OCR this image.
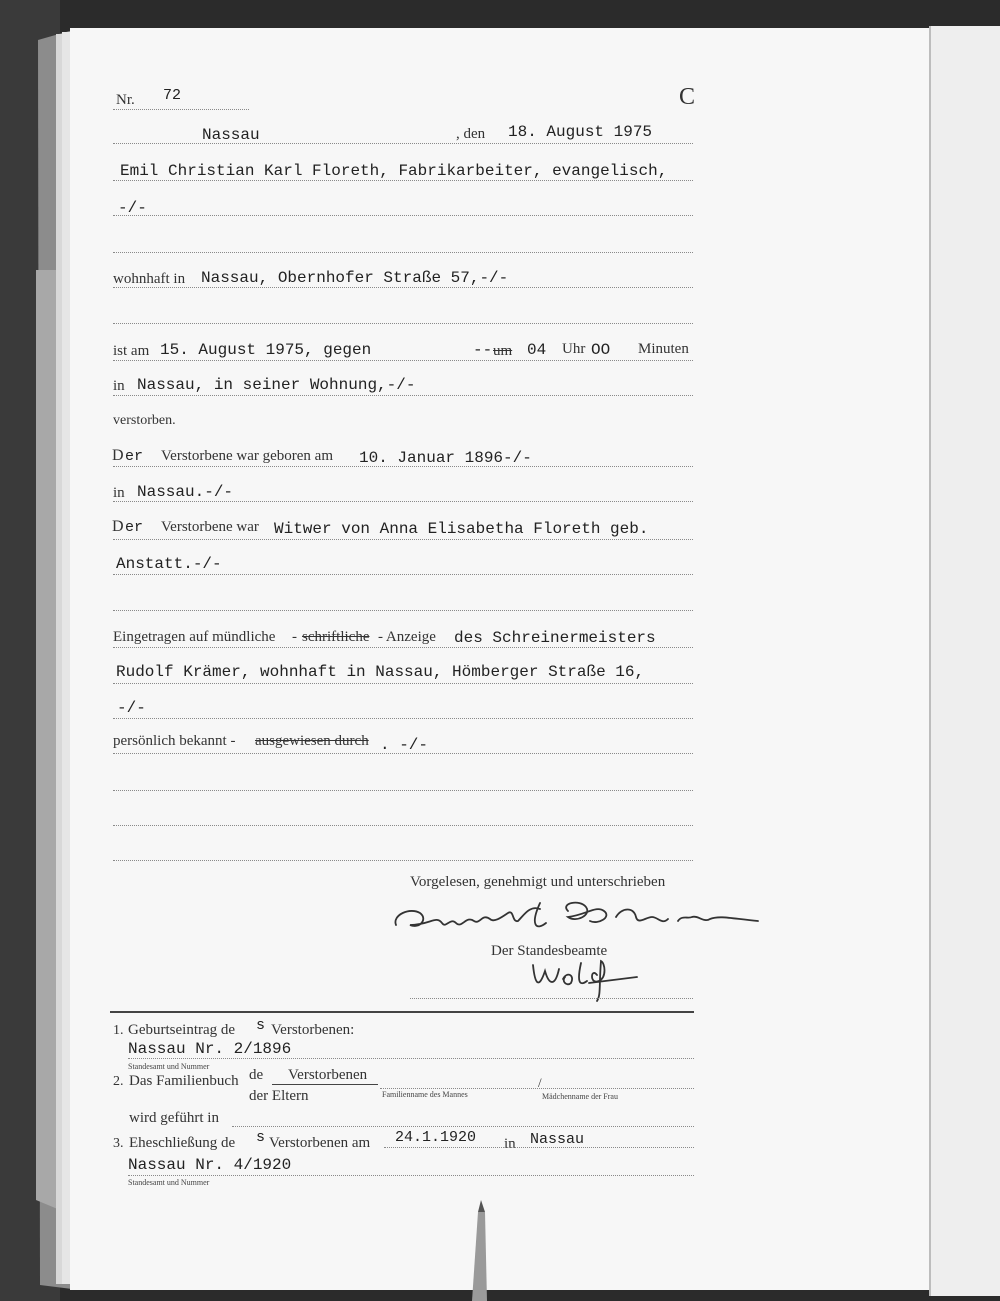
Nr. 72	C
Nassau	, den 18. August 1975
Emil Christian Karl Floreth, Fabrikarbeiter, evangelisch,
-/-
wohnhaft in Nassau, Obernhofer Straße 57,-/-
ist am 15. August 1975, gegen	-- um 04 Uhr OO Minuten
in Nassau, in seiner Wohnung,-/-
verstorben.
D er Verstorbene war geboren am 10. Januar 1896-/-
in Nassau.-/-
D er Verstorbene war Witwer von Anna Elisabetha Floreth geb.
Anstatt.-/-
Eingetragen auf mündliche - schriftliche - Anzeige des Schreinermeisters
Rudolf Krämer, wohnhaft in Nassau, Hömberger Straße 16,
-/-
persönlich bekannt - ausgewiesen durch . -/-
Vorgelesen, genehmigt und unterschrieben
Der Standesbeamte
1. Geburtseintrag de s Verstorbenen:
Nassau Nr. 2/1896
Standesamt und Nummer
2. Das Familienbuch de Verstorbenen
der Eltern	Familienname des Mannes
/
Mädchenname der Frau
wird geführt in
3. Eheschließung de s Verstorbenen am 24.1.1920 in Nassau
Nassau Nr. 4/1920
Standesamt und Nummer
